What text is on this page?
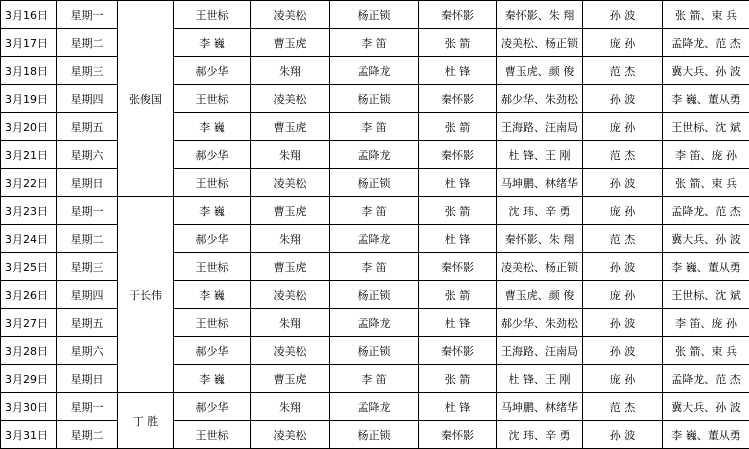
3月16日	星期一	张俊国	王世标	凌美松	杨正锁	秦怀影	秦怀影、朱 翔	孙 波	张 箭、束 兵
3月17日	星期二		李 巍	曹玉虎	李 笛	张 箭	凌美松、杨正锁	庞 孙	孟降龙、范 杰
3月18日	星期三		郝少华	朱翔	孟降龙	杜 锋	曹玉虎、颜 俊	范 杰	冀大兵、孙 波
3月19日	星期四		王世标	凌美松	杨正锁	秦怀影	郝少华、朱劲松	孙 波	李 巍、董从勇
3月20日	星期五		李 巍	曹玉虎	李 笛	张 箭	王海路、汪南局	庞 孙	王世标、沈 斌
3月21日	星期六		郝少华	朱翔	孟降龙	秦怀影	杜 锋、王 刚	范 杰	李 笛、庞 孙
3月22日	星期日		王世标	凌美松	杨正锁	杜 锋	马坤鹏、林绪华	孙 波	张 箭、束 兵
3月23日	星期一	于长伟	李 巍	曹玉虎	李 笛	张 箭	沈 玮、辛 勇	庞 孙	孟降龙、范 杰
3月24日	星期二		郝少华	朱翔	孟降龙	杜 锋	秦怀影、朱 翔	范 杰	冀大兵、孙 波
3月25日	星期三		王世标	曹玉虎	李 笛	秦怀影	凌美松、杨正锁	孙 波	李 巍、董从勇
3月26日	星期四		李 巍	凌美松	杨正锁	张 箭	曹玉虎、颜 俊	庞 孙	王世标、沈 斌
3月27日	星期五		王世标	朱翔	孟降龙	杜 锋	郝少华、朱劲松	孙 波	李 笛、庞 孙
3月28日	星期六		郝少华	凌美松	杨正锁	秦怀影	王海路、汪南局	孙 波	张 箭、束 兵
3月29日	星期日		李 巍	曹玉虎	李 笛	张 箭	杜 锋、王 刚	庞 孙	孟降龙、范 杰
3月30日	星期一	丁 胜	郝少华	朱翔	孟降龙	杜 锋	马坤鹏、林绪华	范 杰	冀大兵、孙 波
3月31日	星期二		王世标	凌美松	杨正锁	秦怀影	沈 玮、辛 勇	孙 波	李 巍、董从勇
